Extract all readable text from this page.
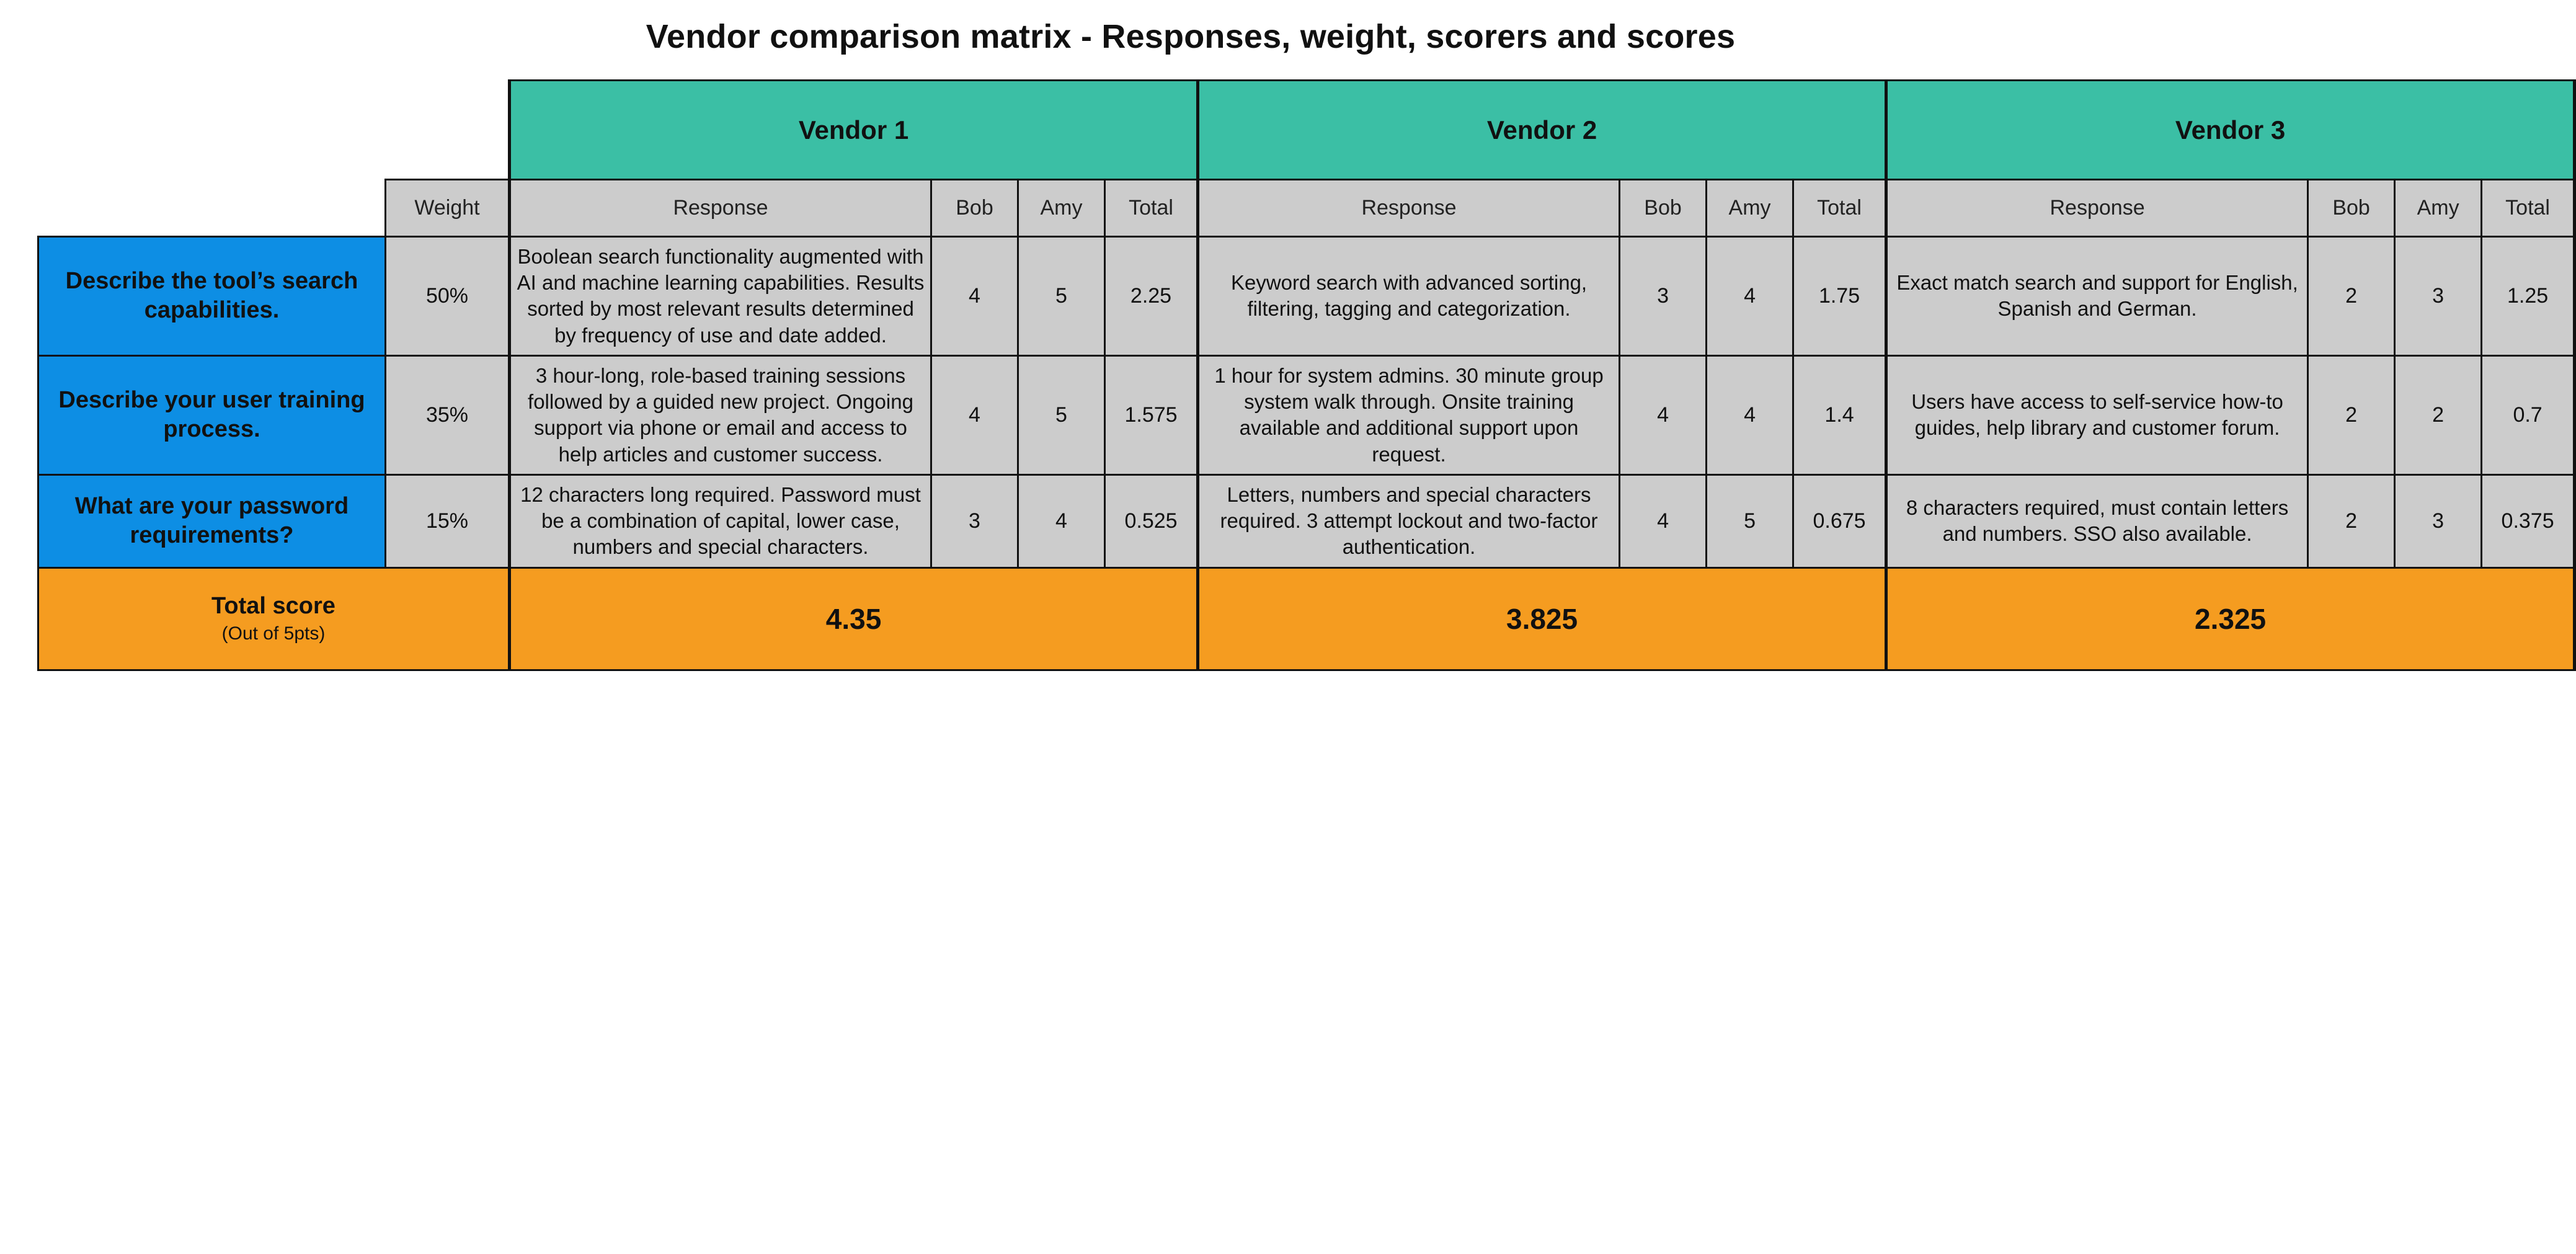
Vendor comparison matrix - Responses, weight, scorers and scores
		Vendor 1				Vendor 2				Vendor 3			
	Weight	Response	Bob	Amy	Total	Response	Bob	Amy	Total	Response	Bob	Amy	Total
Describe the tool’s search capabilities.	50%	Boolean search functionality augmented with AI and machine learning capabilities. Results sorted by most relevant results determined by frequency of use and date added.	4	5	2.25	Keyword search with advanced sorting, filtering, tagging and categorization.	3	4	1.75	Exact match search and support for English, Spanish and German.	2	3	1.25
Describe your user training process.	35%	3 hour-long, role-based training sessions followed by a guided new project. Ongoing support via phone or email and access to help articles and customer success.	4	5	1.575	1 hour for system admins. 30 minute group system walk through. Onsite training available and additional support upon request.	4	4	1.4	Users have access to self-service how-to guides, help library and customer forum.	2	2	0.7
What are your password requirements?	15%	12 characters long required. Password must be a combination of capital, lower case, numbers and special characters.	3	4	0.525	Letters, numbers and special characters required. 3 attempt lockout and two-factor authentication.	4	5	0.675	8 characters required, must contain letters and numbers. SSO also available.	2	3	0.375
Total score
(Out of 5pts)		4.35				3.825				2.325			
